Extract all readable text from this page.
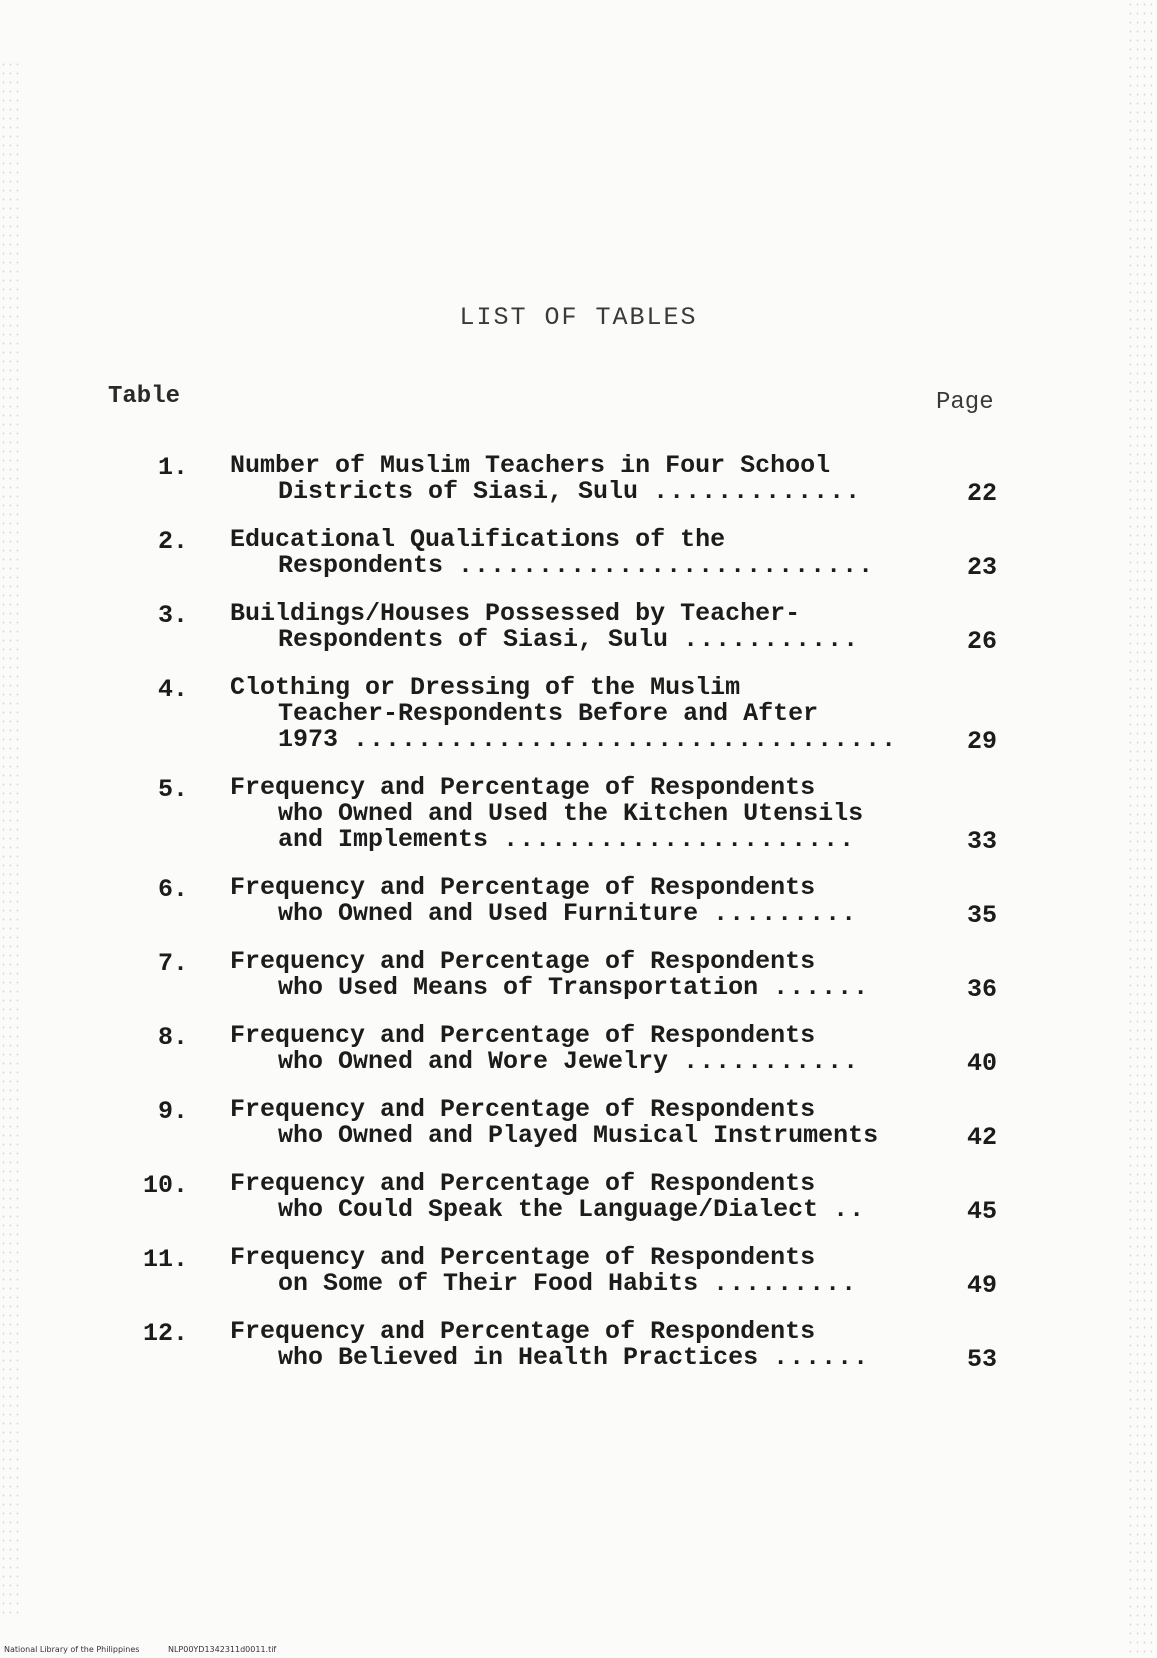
LIST OF TABLES
Table	Page
1. Number of Muslim Teachers in Four School
Districts of Siasi, Sulu .............	22
2. Educational Qualifications of the
Respondents ..........................	23
3. Buildings/Houses Possessed by Teacher-
Respondents of Siasi, Sulu ...........	26
4. Clothing or Dressing of the Muslim
Teacher-Respondents Before and After
1973 ..................................	29
5. Frequency and Percentage of Respondents
who Owned and Used the Kitchen Utensils
and Implements ......................	33
6. Frequency and Percentage of Respondents
who Owned and Used Furniture .........	35
7. Frequency and Percentage of Respondents
who Used Means of Transportation ......	36
8. Frequency and Percentage of Respondents
who Owned and Wore Jewelry ...........	40
9. Frequency and Percentage of Respondents
who Owned and Played Musical Instruments	42
10. Frequency and Percentage of Respondents
who Could Speak the Language/Dialect ..	45
11. Frequency and Percentage of Respondents
on Some of Their Food Habits .........	49
12. Frequency and Percentage of Respondents
who Believed in Health Practices ......	53
National Library of the Philippines	NLP00YD1342311d0011.tif
